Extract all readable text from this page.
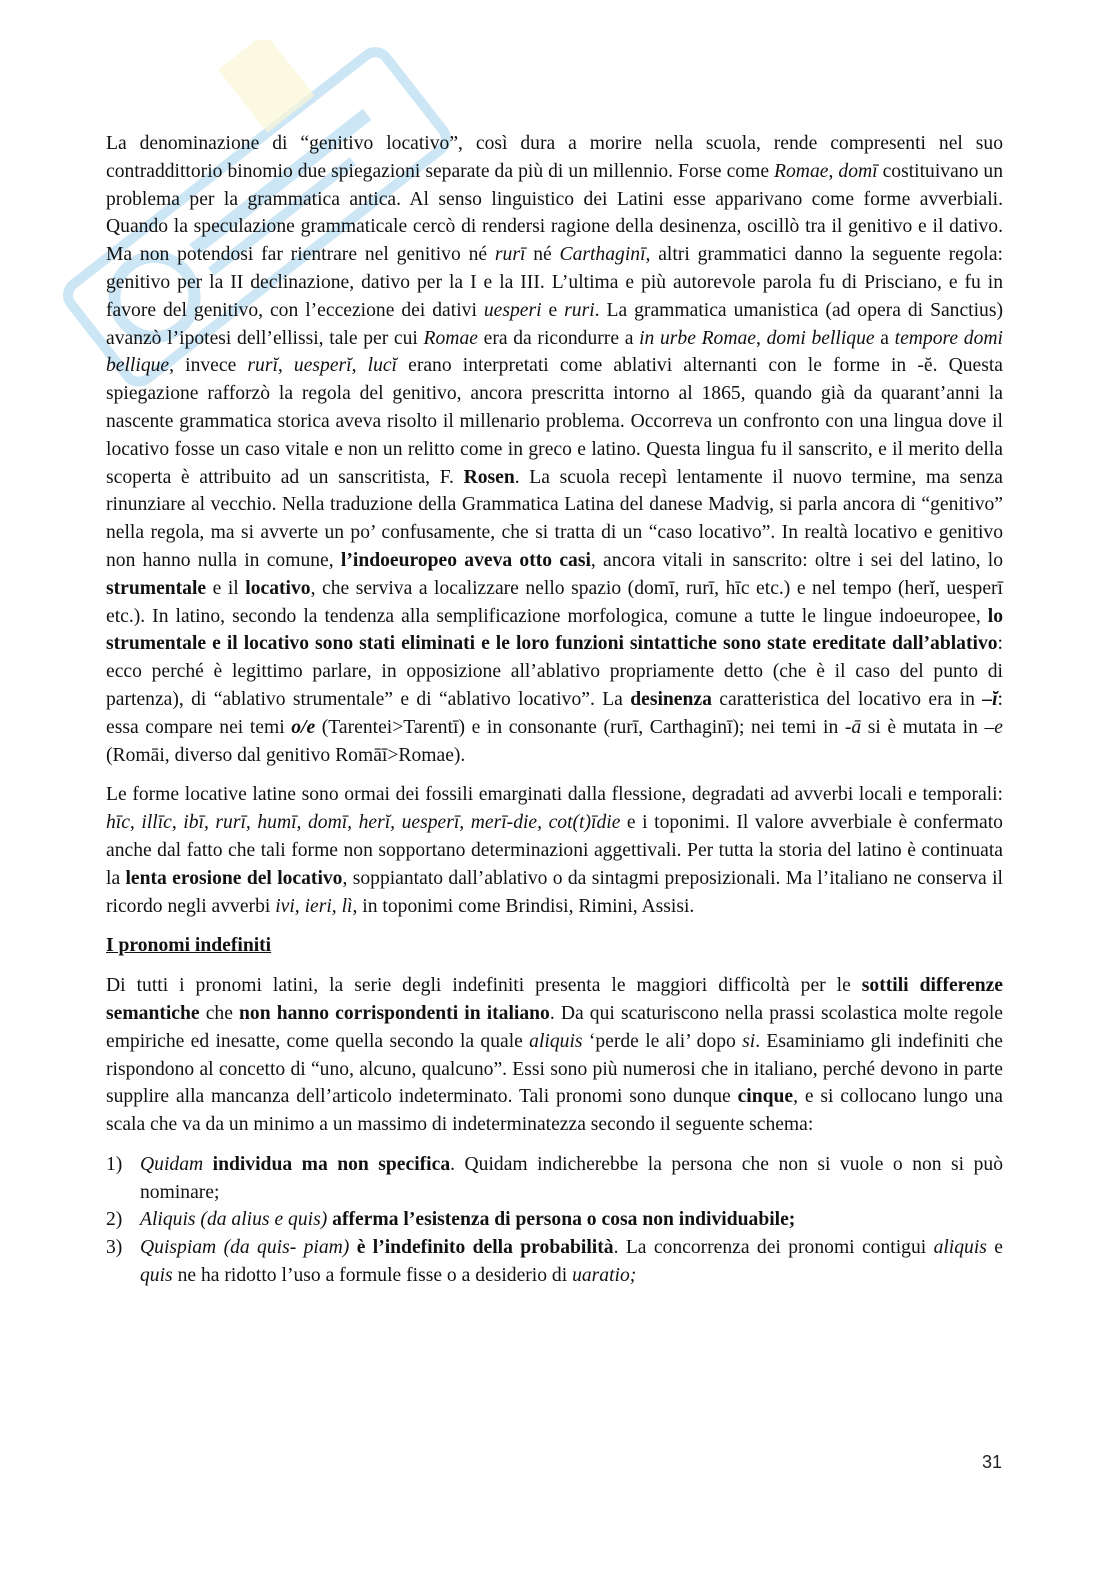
La denominazione di “genitivo locativo”, così dura a morire nella scuola, rende compresenti nel suo contraddittorio binomio due spiegazioni separate da più di un millennio. Forse come Romae, domī costituivano un problema per la grammatica antica. Al senso linguistico dei Latini esse apparivano come forme avverbiali. Quando la speculazione grammaticale cercò di rendersi ragione della desinenza, oscillò tra il genitivo e il dativo. Ma non potendosi far rientrare nel genitivo né rurī né Carthaginī, altri grammatici danno la seguente regola: genitivo per la II declinazione, dativo per la I e la III. L’ultima e più autorevole parola fu di Prisciano, e fu in favore del genitivo, con l’eccezione dei dativi uesperi e ruri. La grammatica umanistica (ad opera di Sanctius) avanzò l’ipotesi dell’ellissi, tale per cui Romae era da ricondurre a in urbe Romae, domi bellique a tempore domi bellique, invece rurĭ, uesperĭ, lucĭ erano interpretati come ablativi alternanti con le forme in -ĕ. Questa spiegazione rafforzò la regola del genitivo, ancora prescritta intorno al 1865, quando già da quarant’anni la nascente grammatica storica aveva risolto il millenario problema. Occorreva un confronto con una lingua dove il locativo fosse un caso vitale e non un relitto come in greco e latino. Questa lingua fu il sanscrito, e il merito della scoperta è attribuito ad un sanscritista, F. Rosen. La scuola recepì lentamente il nuovo termine, ma senza rinunziare al vecchio. Nella traduzione della Grammatica Latina del danese Madvig, si parla ancora di “genitivo” nella regola, ma si avverte un po’ confusamente, che si tratta di un “caso locativo”. In realtà locativo e genitivo non hanno nulla in comune, l’indoeuropeo aveva otto casi, ancora vitali in sanscrito: oltre i sei del latino, lo strumentale e il locativo, che serviva a localizzare nello spazio (domī, rurī, hīc etc.) e nel tempo (herĭ, uesperī etc.). In latino, secondo la tendenza alla semplificazione morfologica, comune a tutte le lingue indoeuropee, lo strumentale e il locativo sono stati eliminati e le loro funzioni sintattiche sono state ereditate dall’ablativo: ecco perché è legittimo parlare, in opposizione all’ablativo propriamente detto (che è il caso del punto di partenza), di “ablativo strumentale” e di “ablativo locativo”. La desinenza caratteristica del locativo era in –ĭ: essa compare nei temi o/e (Tarentei>Tarentī) e in consonante (rurī, Carthaginī); nei temi in -ā si è mutata in –e (Romāi, diverso dal genitivo Romāī>Romae).

Le forme locative latine sono ormai dei fossili emarginati dalla flessione, degradati ad avverbi locali e temporali: hīc, illīc, ibī, rurī, humī, domī, herĭ, uesperī, merī-die, cot(t)īdie e i toponimi. Il valore avverbiale è confermato anche dal fatto che tali forme non sopportano determinazioni aggettivali. Per tutta la storia del latino è continuata la lenta erosione del locativo, soppiantato dall’ablativo o da sintagmi preposizionali. Ma l’italiano ne conserva il ricordo negli avverbi ivi, ieri, lì, in toponimi come Brindisi, Rimini, Assisi.

I pronomi indefiniti

Di tutti i pronomi latini, la serie degli indefiniti presenta le maggiori difficoltà per le sottili differenze semantiche che non hanno corrispondenti in italiano. Da qui scaturiscono nella prassi scolastica molte regole empiriche ed inesatte, come quella secondo la quale aliquis ‘perde le ali’ dopo si. Esaminiamo gli indefiniti che rispondono al concetto di “uno, alcuno, qualcuno”. Essi sono più numerosi che in italiano, perché devono in parte supplire alla mancanza dell’articolo indeterminato. Tali pronomi sono dunque cinque, e si collocano lungo una scala che va da un minimo a un massimo di indeterminatezza secondo il seguente schema:

1) Quidam individua ma non specifica. Quidam indicherebbe la persona che non si vuole o non si può nominare;
2) Aliquis (da alius e quis) afferma l’esistenza di persona o cosa non individuabile;
3) Quispiam (da quis- piam) è l’indefinito della probabilità. La concorrenza dei pronomi contigui aliquis e quis ne ha ridotto l’uso a formule fisse o a desiderio di uaratio;
31
